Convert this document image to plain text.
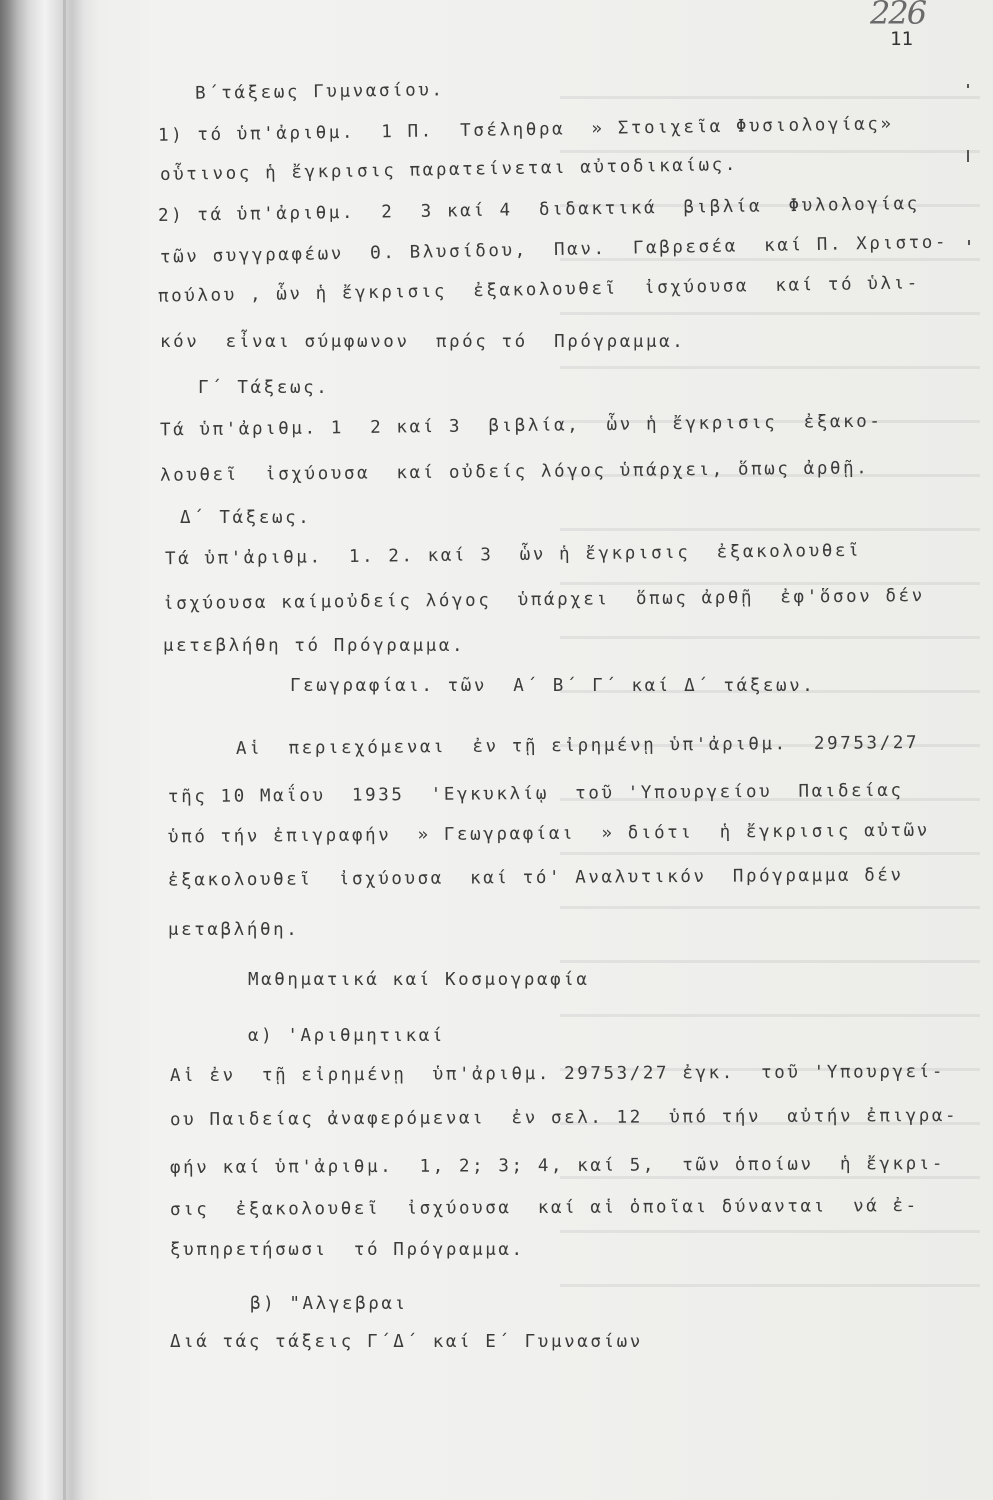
226
11
Β΄τάξεως Γυμνασίου.
1) τό ὑπ'ἀριθμ.  1 Π.  Τσέληθρα  » Στοιχεῖα Φυσιολογίας»
οὗτινος ἡ ἔγκρισις παρατείνεται αὐτοδικαίως.
2) τά ὑπ'ἀριθμ.  2  3 καί 4  διδακτικά  βιβλία  Φυλολογίας
τῶν συγγραφέων  Θ. Βλυσίδου,  Παν.  Γαβρεσέα  καί Π. Χριστο-
πούλου , ὧν ἡ ἔγκρισις  ἐξακολουθεῖ  ἰσχύουσα  καί τό ὑλι-
κόν  εἶναι σύμφωνον  πρός τό  Πρόγραμμα.
Γ΄ Τάξεως.
Τά ὑπ'ἀριθμ. 1  2 καί 3  βιβλία,  ὧν ἡ ἔγκρισις  ἐξακο-
λουθεῖ  ἰσχύουσα  καί οὐδείς λόγος ὑπάρχει, ὅπως ἀρθῇ.
Δ΄ Τάξεως.
Τά ὑπ'ἀριθμ.  1. 2. καί 3  ὧν ἡ ἔγκρισις  ἐξακολουθεῖ
ἰσχύουσα καίμοὐδείς λόγος  ὑπάρχει  ὅπως ἀρθῇ  ἐφ'ὅσον δέν
μετεβλήθη τό Πρόγραμμα.
Γεωγραφίαι. τῶν  Α΄ Β΄ Γ΄ καί Δ΄ τάξεων.
Αἱ  περιεχόμεναι  ἐν τῇ εἰρημένῃ ὑπ'ἀριθμ.  29753/27
τῆς 10 Μαΐου  1935  'Εγκυκλίῳ  τοῦ 'Υπουργείου  Παιδείας
ὑπό τήν ἐπιγραφήν  » Γεωγραφίαι  » διότι  ἡ ἔγκρισις αὐτῶν
ἐξακολουθεῖ  ἰσχύουσα  καί τό' Αναλυτικόν  Πρόγραμμα δέν
μεταβλήθη.
Μαθηματικά καί Κοσμογραφία
α) 'Αριθμητικαί
Αἱ ἐν  τῇ εἰρημένῃ  ὑπ'ἀριθμ. 29753/27 ἐγκ.  τοῦ 'Υπουργεί-
ου Παιδείας ἀναφερόμεναι  ἐν σελ. 12  ὑπό τήν  αὐτήν ἐπιγρα-
φήν καί ὑπ'ἀριθμ.  1, 2; 3; 4, καί 5,  τῶν ὁποίων  ἡ ἔγκρι-
σις  ἐξακολουθεῖ  ἰσχύουσα  καί αἱ ὁποῖαι δύνανται  νά ἐ-
ξυπηρετήσωσι  τό Πρόγραμμα.
β) "Αλγεβραι
Διά τάς τάξεις Γ΄Δ΄ καί Ε΄ Γυμνασίων
